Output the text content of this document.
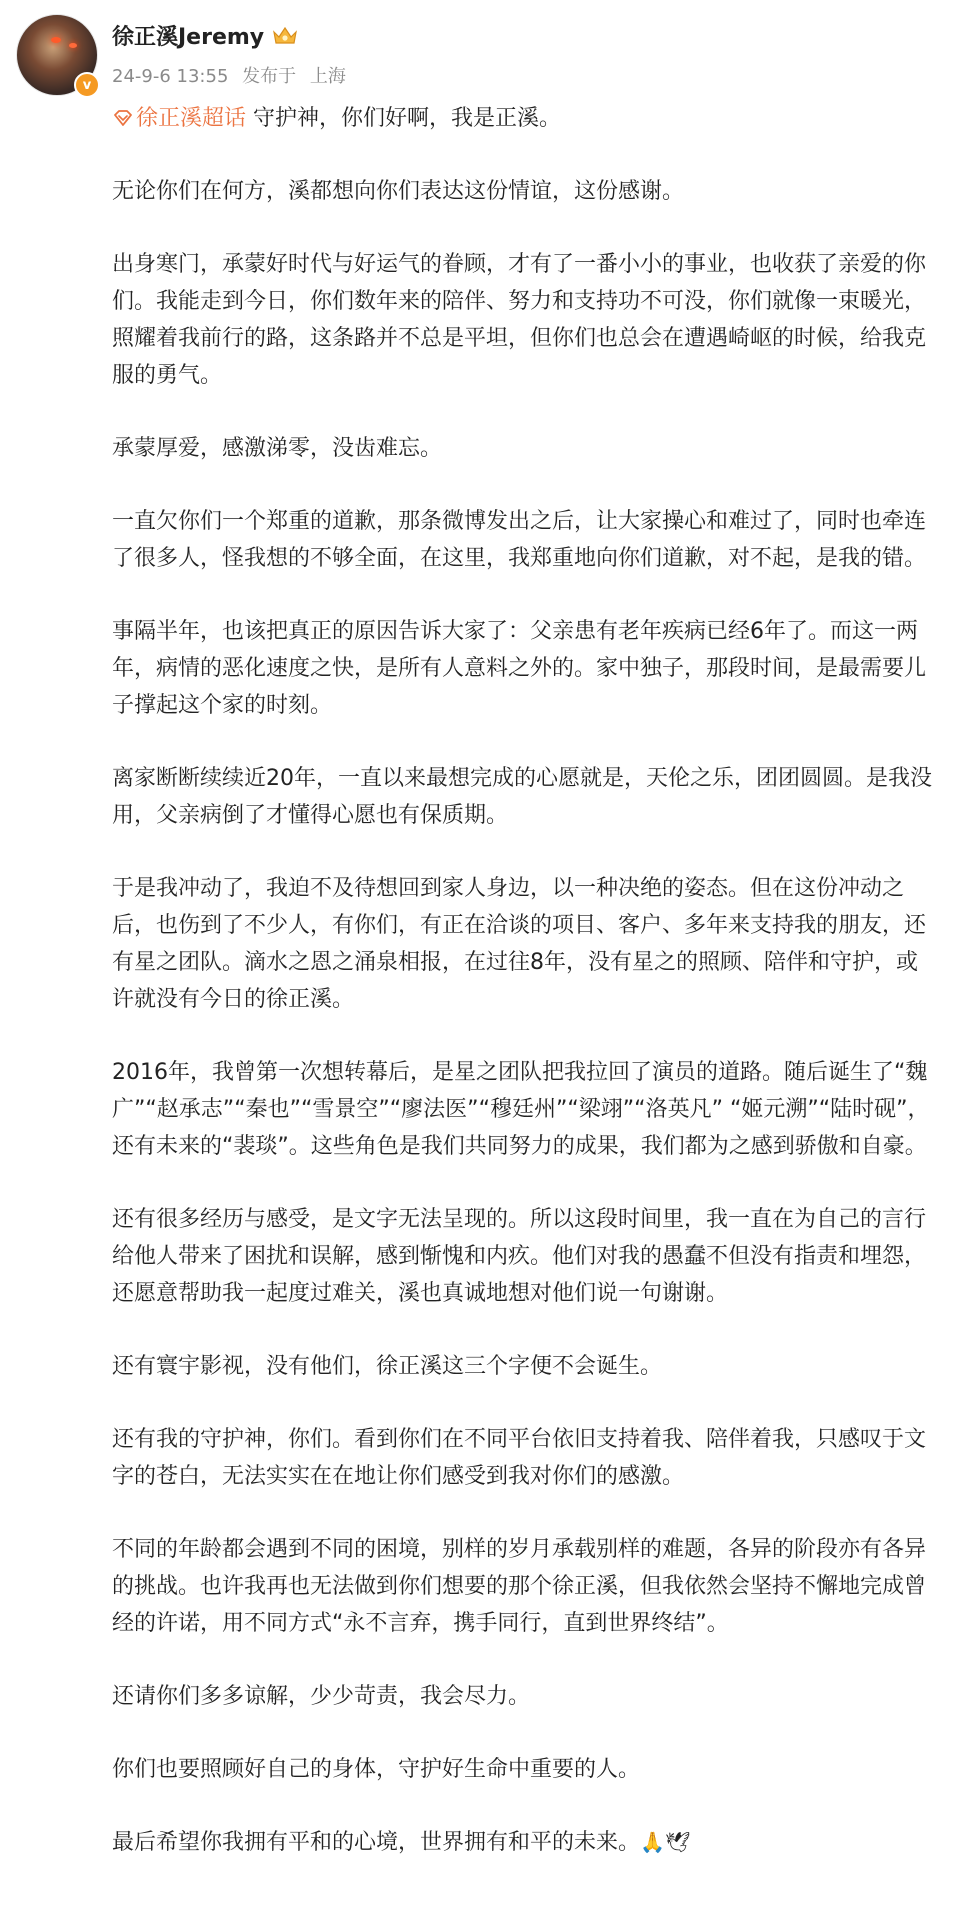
v
徐正溪Jeremy
24-9-6 13:55 发布于 上海

徐正溪超话 守护神，你们好啊，我是正溪。

无论你们在何方，溪都想向你们表达这份情谊，这份感谢。

出身寒门，承蒙好时代与好运气的眷顾，才有了一番小小的事业，也收获了亲爱的你们。我能走到今日，你们数年来的陪伴、努力和支持功不可没，你们就像一束暖光，照耀着我前行的路，这条路并不总是平坦，但你们也总会在遭遇崎岖的时候，给我克服的勇气。

承蒙厚爱，感激涕零，没齿难忘。

一直欠你们一个郑重的道歉，那条微博发出之后，让大家操心和难过了，同时也牵连了很多人，怪我想的不够全面，在这里，我郑重地向你们道歉，对不起，是我的错。

事隔半年，也该把真正的原因告诉大家了：父亲患有老年疾病已经6年了。而这一两年，病情的恶化速度之快，是所有人意料之外的。家中独子，那段时间，是最需要儿子撑起这个家的时刻。

离家断断续续近20年，一直以来最想完成的心愿就是，天伦之乐，团团圆圆。是我没用，父亲病倒了才懂得心愿也有保质期。

于是我冲动了，我迫不及待想回到家人身边，以一种决绝的姿态。但在这份冲动之后，也伤到了不少人，有你们，有正在洽谈的项目、客户、多年来支持我的朋友，还有星之团队。滴水之恩之涌泉相报，在过往8年，没有星之的照顾、陪伴和守护，或许就没有今日的徐正溪。

2016年，我曾第一次想转幕后，是星之团队把我拉回了演员的道路。随后诞生了“魏广”“赵承志”“秦也”“雪景空”“廖法医”“穆廷州”“梁翊”“洛英凡” “姬元溯”“陆时砚”，还有未来的“裴琰”。这些角色是我们共同努力的成果，我们都为之感到骄傲和自豪。

还有很多经历与感受，是文字无法呈现的。所以这段时间里，我一直在为自己的言行给他人带来了困扰和误解，感到惭愧和内疚。他们对我的愚蠢不但没有指责和埋怨，还愿意帮助我一起度过难关，溪也真诚地想对他们说一句谢谢。

还有寰宇影视，没有他们，徐正溪这三个字便不会诞生。

还有我的守护神，你们。看到你们在不同平台依旧支持着我、陪伴着我，只感叹于文字的苍白，无法实实在在地让你们感受到我对你们的感激。

不同的年龄都会遇到不同的困境，别样的岁月承载别样的难题，各异的阶段亦有各异的挑战。也许我再也无法做到你们想要的那个徐正溪，但我依然会坚持不懈地完成曾经的许诺，用不同方式“永不言弃，携手同行，直到世界终结”。

还请你们多多谅解，少少苛责，我会尽力。

你们也要照顾好自己的身体，守护好生命中重要的人。

最后希望你我拥有平和的心境，世界拥有和平的未来。🙏🕊
